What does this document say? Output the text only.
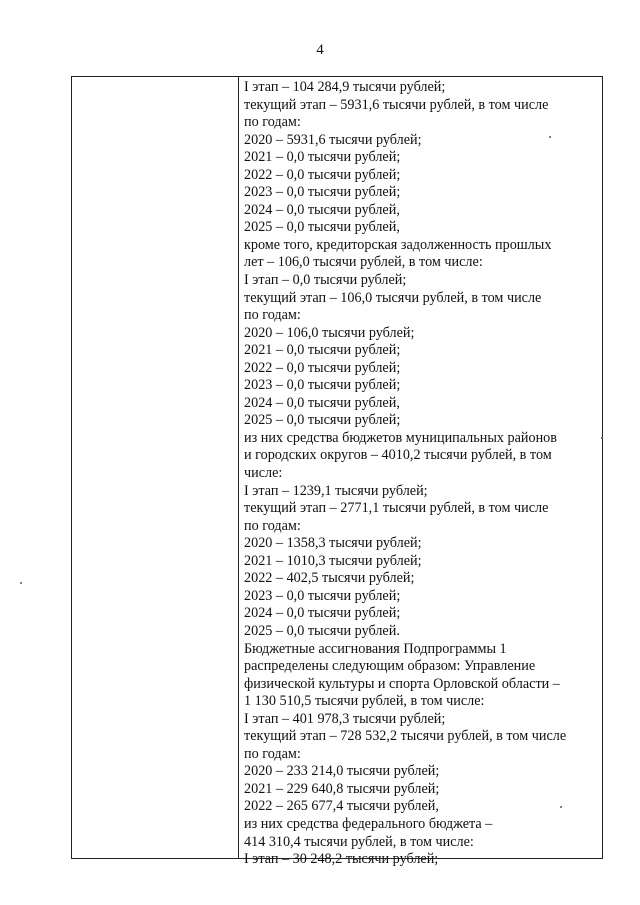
4
I этап – 104 284,9 тысячи рублей;
текущий этап – 5931,6 тысячи рублей, в том числе
по годам:
2020 – 5931,6 тысячи рублей;
2021 – 0,0 тысячи рублей;
2022 – 0,0 тысячи рублей;
2023 – 0,0 тысячи рублей;
2024 – 0,0 тысячи рублей,
2025 – 0,0 тысячи рублей,
кроме того, кредиторская задолженность прошлых
лет – 106,0 тысячи рублей, в том числе:
I этап – 0,0 тысячи рублей;
текущий этап – 106,0 тысячи рублей, в том числе
по годам:
2020 – 106,0 тысячи рублей;
2021 – 0,0 тысячи рублей;
2022 – 0,0 тысячи рублей;
2023 – 0,0 тысячи рублей;
2024 – 0,0 тысячи рублей,
2025 – 0,0 тысячи рублей;
из них средства бюджетов муниципальных районов
и городских округов – 4010,2 тысячи рублей, в том
числе:
I этап – 1239,1 тысячи рублей;
текущий этап – 2771,1 тысячи рублей, в том числе
по годам:
2020 – 1358,3 тысячи рублей;
2021 – 1010,3 тысячи рублей;
2022 – 402,5 тысячи рублей;
2023 – 0,0 тысячи рублей;
2024 – 0,0 тысячи рублей;
2025 – 0,0 тысячи рублей.
Бюджетные ассигнования Подпрограммы 1
распределены следующим образом: Управление
физической культуры и спорта Орловской области –
1 130 510,5 тысячи рублей, в том числе:
I этап – 401 978,3 тысячи рублей;
текущий этап – 728 532,2 тысячи рублей, в том числе
по годам:
2020 – 233 214,0 тысячи рублей;
2021 – 229 640,8 тысячи рублей;
2022 – 265 677,4 тысячи рублей,
из них средства федерального бюджета –
414 310,4 тысячи рублей, в том числе:
I этап – 30 248,2 тысячи рублей;
